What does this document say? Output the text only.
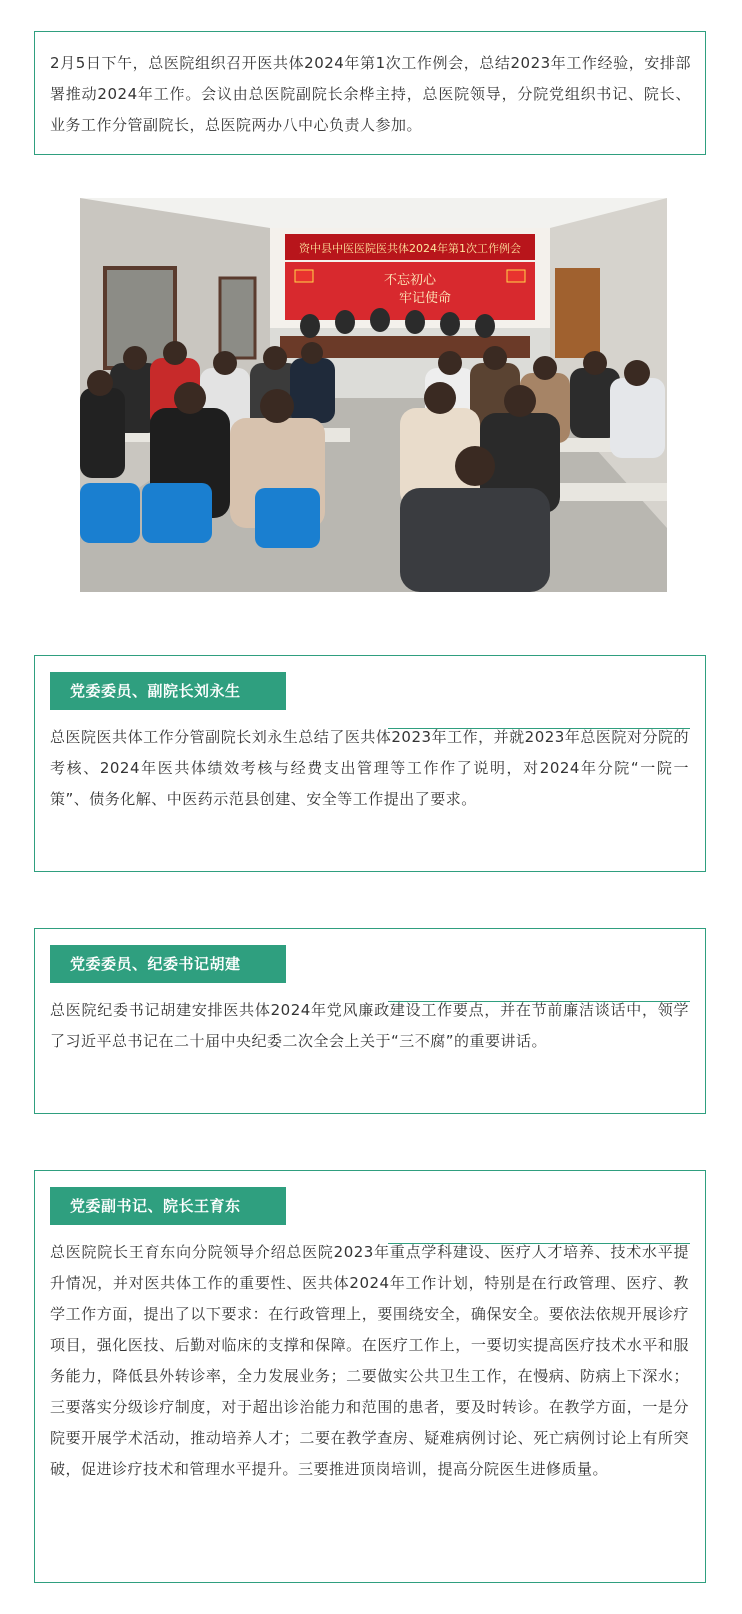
2月5日下午，总医院组织召开医共体2024年第1次工作例会，总结2023年工作经验，安排部署推动2024年工作。会议由总医院副院长余桦主持，总医院领导，分院党组织书记、院长、业务工作分管副院长，总医院两办八中心负责人参加。

资中县中医医院医共体2024年第1次工作例会
不忘初心
牢记使命
党委委员、副院长刘永生

总医院医共体工作分管副院长刘永生总结了医共体2023年工作，并就2023年总医院对分院的考核、2024年医共体绩效考核与经费支出管理等工作作了说明，对2024年分院“一院一策”、债务化解、中医药示范县创建、安全等工作提出了要求。

党委委员、纪委书记胡建

总医院纪委书记胡建安排医共体2024年党风廉政建设工作要点，并在节前廉洁谈话中，领学了习近平总书记在二十届中央纪委二次全会上关于“三不腐”的重要讲话。

党委副书记、院长王育东

总医院院长王育东向分院领导介绍总医院2023年重点学科建设、医疗人才培养、技术水平提升情况，并对医共体工作的重要性、医共体2024年工作计划，特别是在行政管理、医疗、教学工作方面，提出了以下要求：在行政管理上，要围绕安全，确保安全。要依法依规开展诊疗项目，强化医技、后勤对临床的支撑和保障。在医疗工作上，一要切实提高医疗技术水平和服务能力，降低县外转诊率，全力发展业务；二要做实公共卫生工作，在慢病、防病上下深水；三要落实分级诊疗制度，对于超出诊治能力和范围的患者，要及时转诊。在教学方面，一是分院要开展学术活动，推动培养人才；二要在教学查房、疑难病例讨论、死亡病例讨论上有所突破，促进诊疗技术和管理水平提升。三要推进顶岗培训，提高分院医生进修质量。
